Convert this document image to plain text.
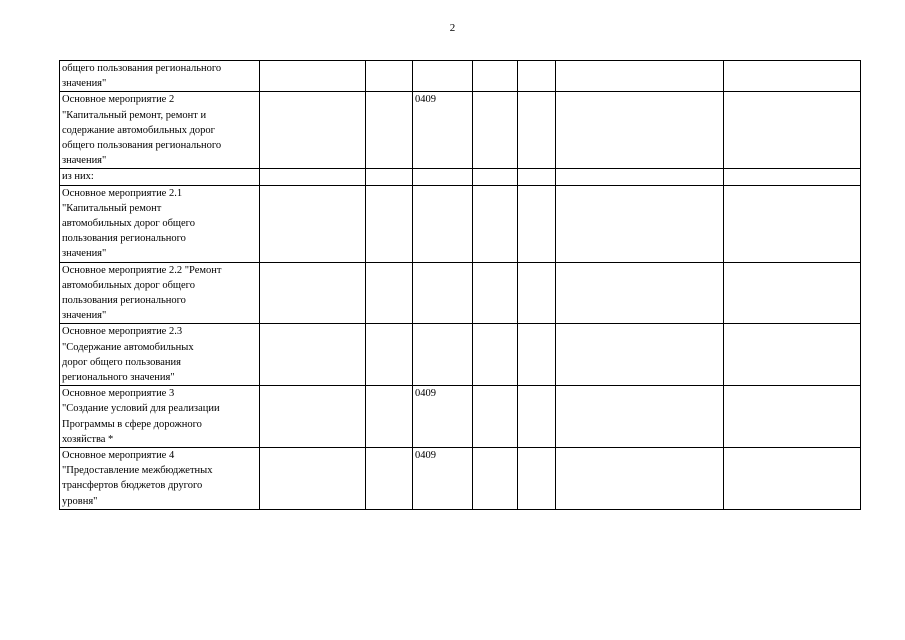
2
общего пользования регионального
значения"							

Основное мероприятие 2
"Капитальный ремонт, ремонт и
содержание автомобильных дорог
общего пользования регионального
значения"			0409				

из них:							

Основное мероприятие 2.1
"Капитальный ремонт
автомобильных дорог общего
пользования регионального
значения"							

Основное мероприятие 2.2 "Ремонт
автомобильных дорог общего
пользования регионального
значения"							

Основное мероприятие 2.3
"Содержание автомобильных
дорог общего пользования
регионального значения"							

Основное мероприятие 3
"Создание условий для реализации
Программы в сфере дорожного
хозяйства *			0409				

Основное мероприятие 4
"Предоставление межбюджетных
трансфертов бюджетов другого
уровня"			0409				
